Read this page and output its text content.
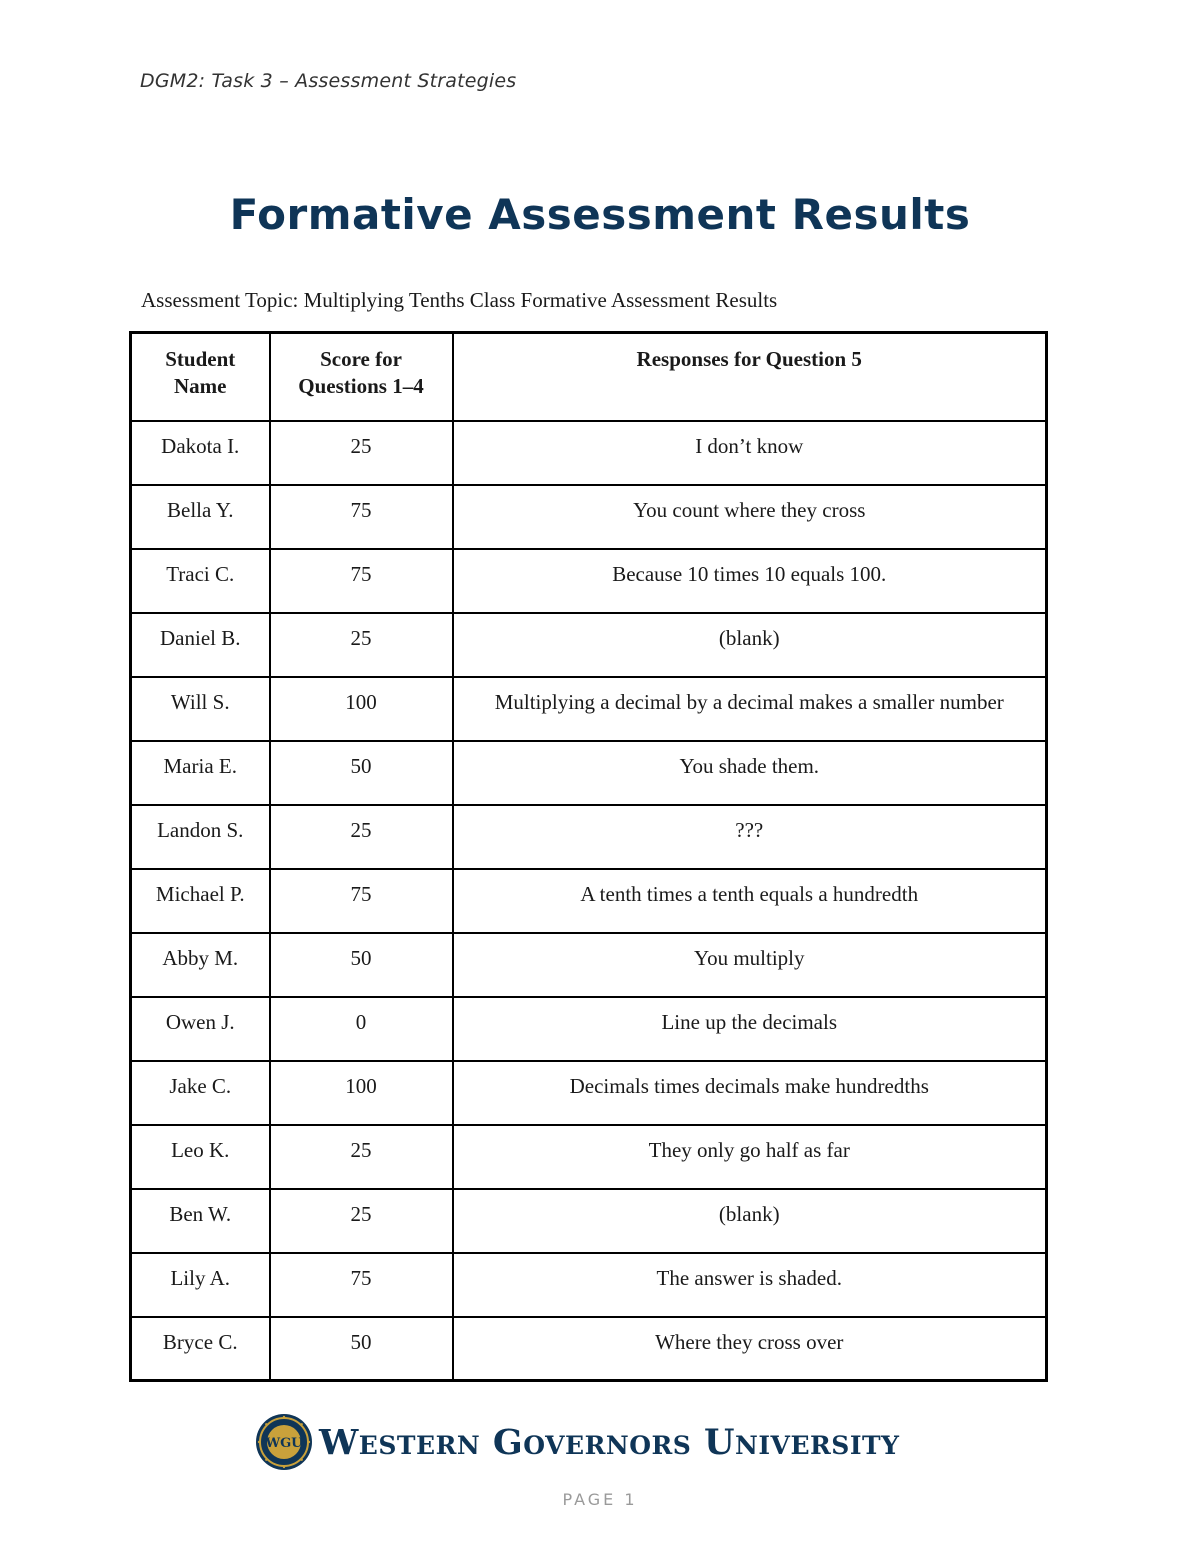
DGM2: Task 3 – Assessment Strategies
Formative Assessment Results
Assessment Topic: Multiplying Tenths Class Formative Assessment Results
Student Name	Score for Questions 1–4	Responses for Question 5

Dakota I.	25	I don’t know
Bella Y.	75	You count where they cross
Traci C.	75	Because 10 times 10 equals 100.
Daniel B.	25	(blank)
Will S.	100	Multiplying a decimal by a decimal makes a smaller number
Maria E.	50	You shade them.
Landon S.	25	???
Michael P.	75	A tenth times a tenth equals a hundredth
Abby M.	50	You multiply
Owen J.	0	Line up the decimals
Jake C.	100	Decimals times decimals make hundredths
Leo K.	25	They only go half as far
Ben W.	25	(blank)
Lily A.	75	The answer is shaded.
Bryce C.	50	Where they cross over
WGU Western Governors University
PAGE 1
